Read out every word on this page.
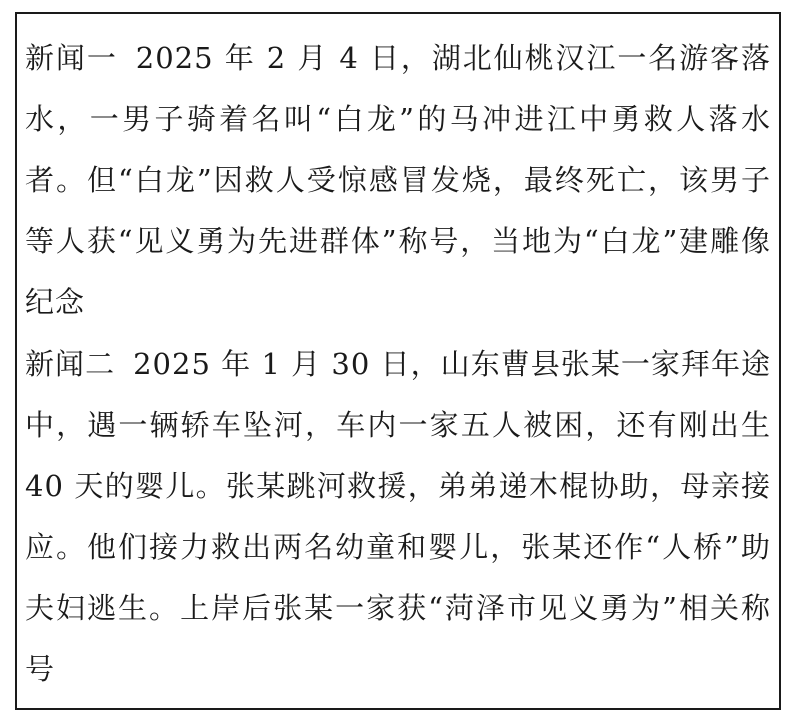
新闻一 2025 年 2 月 4 日，湖北仙桃汉江一名游客落水，一男子骑着名叫“白龙”的马冲进江中勇救人落水者。但“白龙”因救人受惊感冒发烧，最终死亡，该男子等人获“见义勇为先进群体”称号，当地为“白龙”建雕像纪念

新闻二 2025 年 1 月 30 日，山东曹县张某一家拜年途中，遇一辆轿车坠河，车内一家五人被困，还有刚出生 40 天的婴儿。张某跳河救援，弟弟递木棍协助，母亲接应。他们接力救出两名幼童和婴儿，张某还作“人桥”助夫妇逃生。上岸后张某一家获“菏泽市见义勇为”相关称号
